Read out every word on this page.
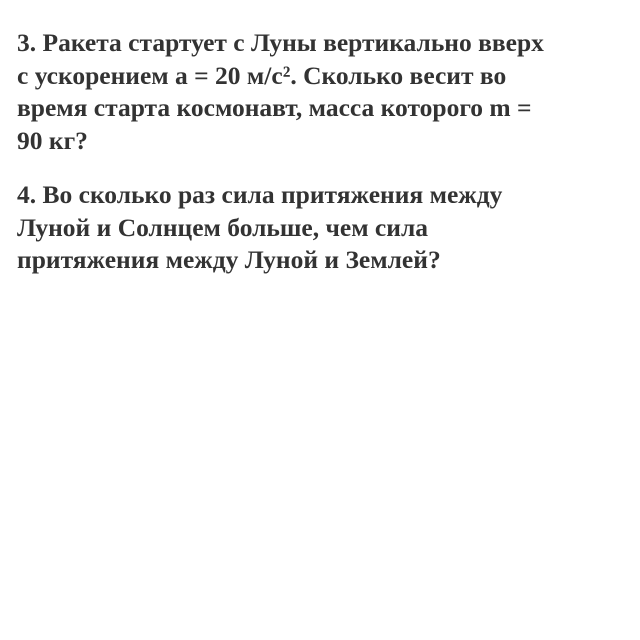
3. Ракета стартует с Луны вертикально вверх
с ускорением a = 20 м/с². Сколько весит во
время старта космонавт, масса которого m =
90 кг?

4. Во сколько раз сила притяжения между
Луной и Солнцем больше, чем сила
притяжения между Луной и Землей?
